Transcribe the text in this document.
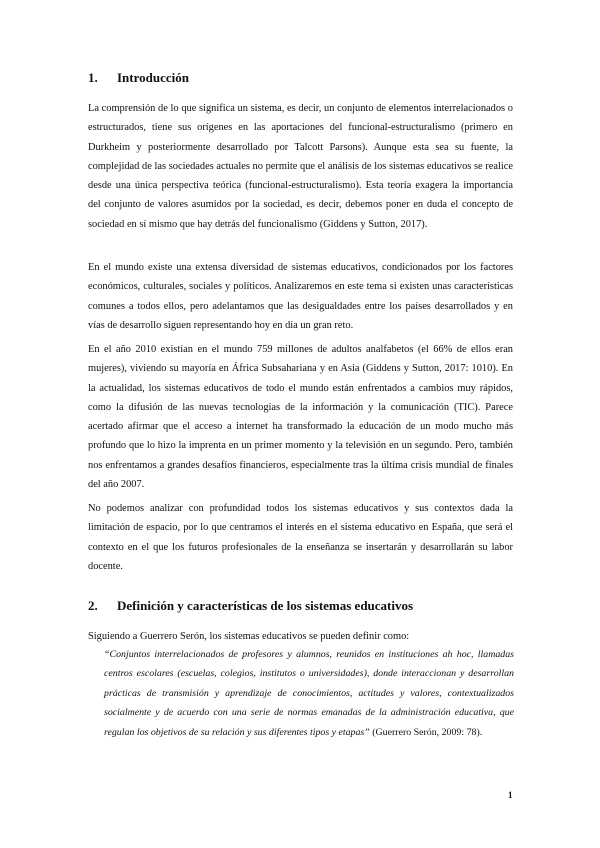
1. Introducción

La comprensión de lo que significa un sistema, es decir, un conjunto de elementos interrelacionados o estructurados, tiene sus orígenes en las aportaciones del funcional-estructuralismo (primero en Durkheim y posteriormente desarrollado por Talcott Parsons). Aunque esta sea su fuente, la complejidad de las sociedades actuales no permite que el análisis de los sistemas educativos se realice desde una única perspectiva teórica (funcional-estructuralismo). Esta teoría exagera la importancia del conjunto de valores asumidos por la sociedad, es decir, debemos poner en duda el concepto de sociedad en sí mismo que hay detrás del funcionalismo (Giddens y Sutton, 2017).

En el mundo existe una extensa diversidad de sistemas educativos, condicionados por los factores económicos, culturales, sociales y políticos. Analizaremos en este tema si existen unas características comunes a todos ellos, pero adelantamos que las desigualdades entre los países desarrollados y en vías de desarrollo siguen representando hoy en día un gran reto.

En el año 2010 existían en el mundo 759 millones de adultos analfabetos (el 66% de ellos eran mujeres), viviendo su mayoría en África Subsahariana y en Asia (Giddens y Sutton, 2017: 1010). En la actualidad, los sistemas educativos de todo el mundo están enfrentados a cambios muy rápidos, como la difusión de las nuevas tecnologías de la información y la comunicación (TIC). Parece acertado afirmar que el acceso a internet ha transformado la educación de un modo mucho más profundo que lo hizo la imprenta en un primer momento y la televisión en un segundo. Pero, también nos enfrentamos a grandes desafíos financieros, especialmente tras la última crisis mundial de finales del año 2007.

No podemos analizar con profundidad todos los sistemas educativos y sus contextos dada la limitación de espacio, por lo que centramos el interés en el sistema educativo en España, que será el contexto en el que los futuros profesionales de la enseñanza se insertarán y desarrollarán su labor docente.

2. Definición y características de los sistemas educativos

Siguiendo a Guerrero Serón, los sistemas educativos se pueden definir como:

“Conjuntos interrelacionados de profesores y alumnos, reunidos en instituciones ah hoc, llamadas centros escolares (escuelas, colegios, institutos o universidades), donde interaccionan y desarrollan prácticas de transmisión y aprendizaje de conocimientos, actitudes y valores, contextualizados socialmente y de acuerdo con una serie de normas emanadas de la administración educativa, que regulan los objetivos de su relación y sus diferentes tipos y etapas” (Guerrero Serón, 2009: 78).

1
